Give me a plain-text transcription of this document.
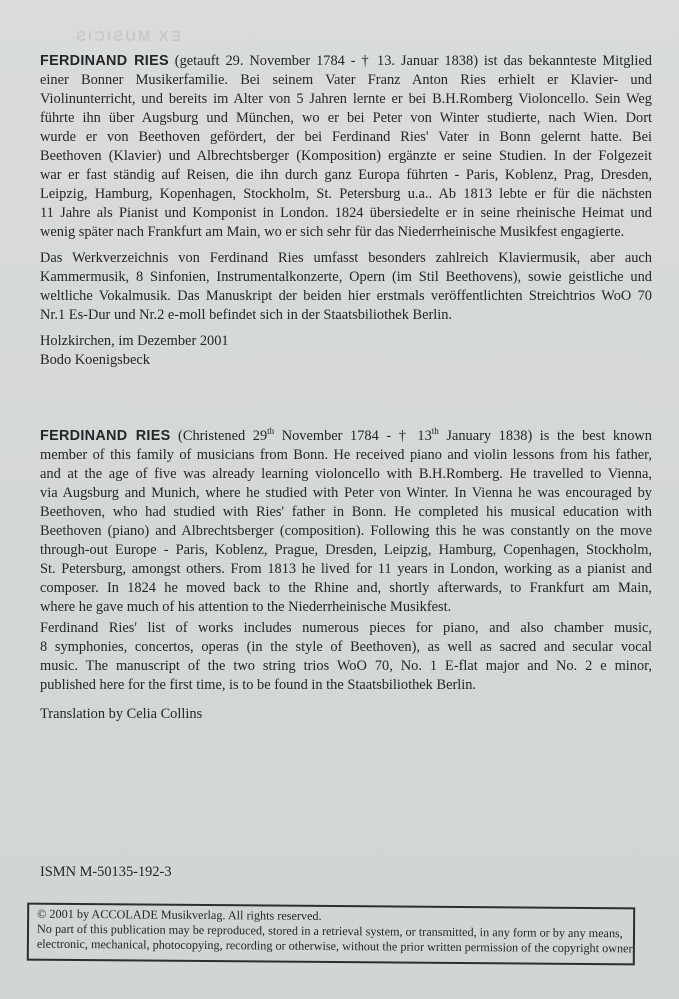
EX MUSICIS

FERDINAND RIES (getauft 29. November 1784 - † 13. Januar 1838) ist das bekannteste Mitglied
einer Bonner Musikerfamilie. Bei seinem Vater Franz Anton Ries erhielt er Klavier- und
Violinunterricht, und bereits im Alter von 5 Jahren lernte er bei B.H.Romberg Violoncello. Sein Weg
führte ihn über Augsburg und München, wo er bei Peter von Winter studierte, nach Wien. Dort
wurde er von Beethoven gefördert, der bei Ferdinand Ries' Vater in Bonn gelernt hatte. Bei
Beethoven (Klavier) und Albrechtsberger (Komposition) ergänzte er seine Studien. In der Folgezeit
war er fast ständig auf Reisen, die ihn durch ganz Europa führten - Paris, Koblenz, Prag, Dresden,
Leipzig, Hamburg, Kopenhagen, Stockholm, St. Petersburg u.a.. Ab 1813 lebte er für die nächsten
11 Jahre als Pianist und Komponist in London. 1824 übersiedelte er in seine rheinische Heimat und
wenig später nach Frankfurt am Main, wo er sich sehr für das Niederrheinische Musikfest engagierte.

Das Werkverzeichnis von Ferdinand Ries umfasst besonders zahlreich Klaviermusik, aber auch
Kammermusik, 8 Sinfonien, Instrumentalkonzerte, Opern (im Stil Beethovens), sowie geistliche und
weltliche Vokalmusik. Das Manuskript der beiden hier erstmals veröffentlichten Streichtrios WoO 70
Nr.1 Es-Dur und Nr.2 e-moll befindet sich in der Staatsbiliothek Berlin.

Holzkirchen, im Dezember 2001

Bodo Koenigsbeck

FERDINAND RIES (Christened 29th November 1784 - † 13th January 1838) is the best known
member of this family of musicians from Bonn. He received piano and violin lessons from his father,
and at the age of five was already learning violoncello with B.H.Romberg. He travelled to Vienna,
via Augsburg and Munich, where he studied with Peter von Winter. In Vienna he was encouraged by
Beethoven, who had studied with Ries' father in Bonn. He completed his musical education with
Beethoven (piano) and Albrechtsberger (composition). Following this he was constantly on the move
through-out Europe - Paris, Koblenz, Prague, Dresden, Leipzig, Hamburg, Copenhagen, Stockholm,
St. Petersburg, amongst others. From 1813 he lived for 11 years in London, working as a pianist and
composer. In 1824 he moved back to the Rhine and, shortly afterwards, to Frankfurt am Main,
where he gave much of his attention to the Niederrheinische Musikfest.

Ferdinand Ries' list of works includes numerous pieces for piano, and also chamber music,
8 symphonies, concertos, operas (in the style of Beethoven), as well as sacred and secular vocal
music. The manuscript of the two string trios WoO 70, No. 1 E-flat major and No. 2 e minor,
published here for the first time, is to be found in the Staatsbiliothek Berlin.

Translation by Celia Collins

ISMN M-50135-192-3

© 2001 by ACCOLADE Musikverlag. All rights reserved.
No part of this publication may be reproduced, stored in a retrieval system, or transmitted, in any form or by any means,
electronic, mechanical, photocopying, recording or otherwise, without the prior written permission of the copyright owner.
